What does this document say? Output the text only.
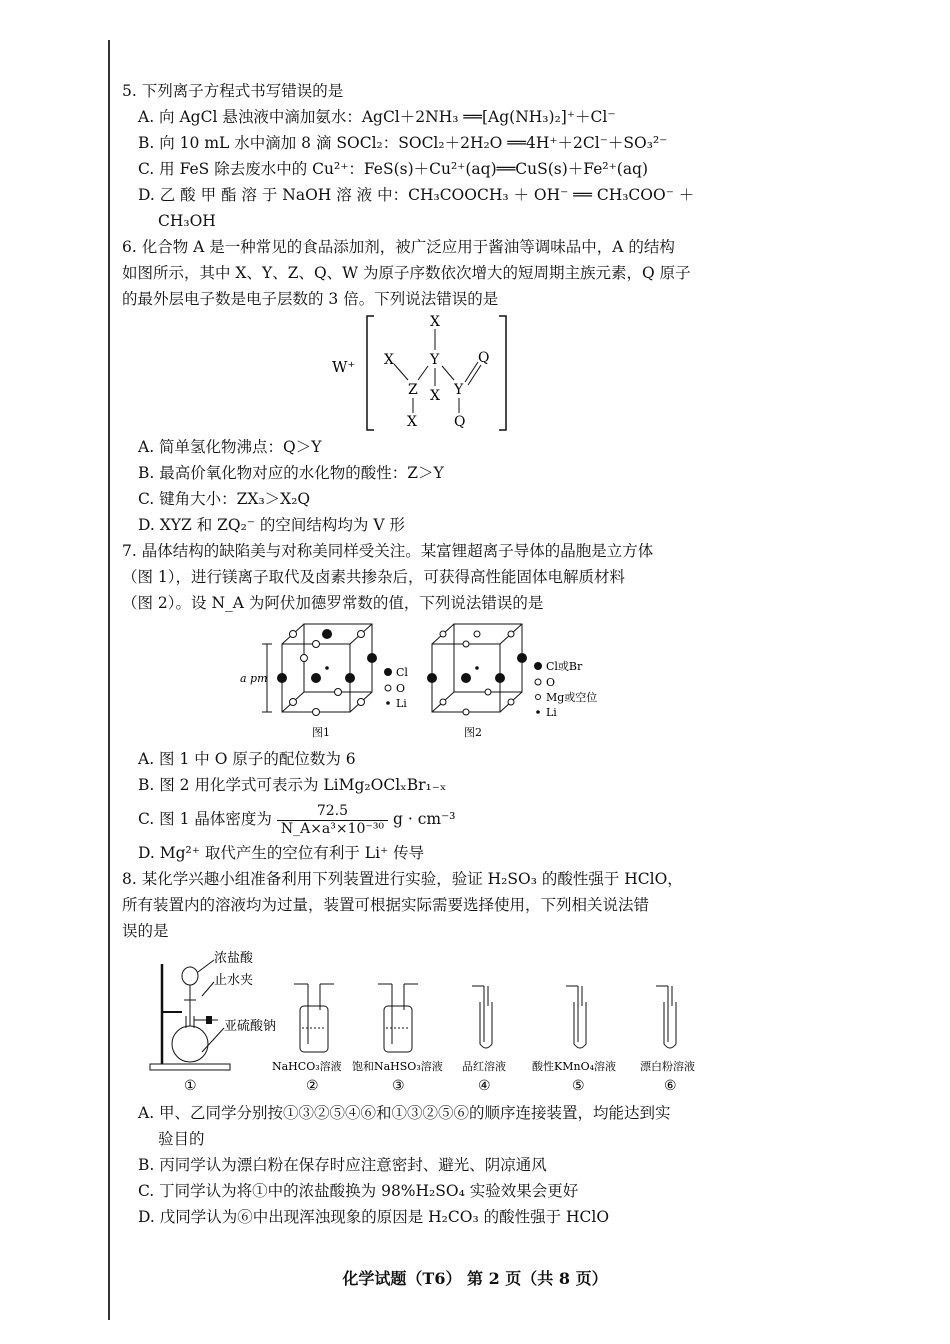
5. 下列离子方程式书写错误的是
A. 向 AgCl 悬浊液中滴加氨水：AgCl＋2NH₃ ══[Ag(NH₃)₂]⁺＋Cl⁻
B. 向 10 mL 水中滴加 8 滴 SOCl₂：SOCl₂＋2H₂O ══4H⁺＋2Cl⁻＋SO₃²⁻
C. 用 FeS 除去废水中的 Cu²⁺：FeS(s)＋Cu²⁺(aq)══CuS(s)＋Fe²⁺(aq)
D. 乙 酸 甲 酯 溶 于 NaOH 溶 液 中：CH₃COOCH₃ ＋ OH⁻ ══ CH₃COO⁻ ＋
CH₃OH
6. 化合物 A 是一种常见的食品添加剂，被广泛应用于酱油等调味品中，A 的结构
如图所示，其中 X、Y、Z、Q、W 为原子序数依次增大的短周期主族元素，Q 原子
的最外层电子数是电子层数的 3 倍。下列说法错误的是
W⁺
X
Y
X
Z X Y
Q
X	Q
A. 简单氢化物沸点：Q＞Y
B. 最高价氧化物对应的水化物的酸性：Z＞Y
C. 键角大小：ZX₃＞X₂Q
D. XYZ 和 ZQ₂⁻ 的空间结构均为 V 形
7. 晶体结构的缺陷美与对称美同样受关注。某富锂超离子导体的晶胞是立方体
（图 1），进行镁离子取代及卤素共掺杂后，可获得高性能固体电解质材料
（图 2）。设 N_A 为阿伏加德罗常数的值，下列说法错误的是
a pm	Cl
O
Li
图1
Cl或Br
O
Mg或空位
Li
图2
A. 图 1 中 O 原子的配位数为 6
B. 图 2 用化学式可表示为 LiMg₂OClₓBr₁₋ₓ
C. 图 1 晶体密度为 $\frac{72.5}{\text{N\_A×a³×10⁻³⁰}}$ g · cm⁻³
D. Mg²⁺ 取代产生的空位有利于 Li⁺ 传导
8. 某化学兴趣小组准备利用下列装置进行实验，验证 H₂SO₃ 的酸性强于 HClO，
所有装置内的溶液均为过量，装置可根据实际需要选择使用，下列相关说法错
误的是
浓盐酸
止水夹
亚硫酸钠
①
NaHCO₃溶液
②
饱和NaHSO₃溶液
③
品红溶液
④
酸性KMnO₄溶液
⑤
漂白粉溶液
⑥
A. 甲、乙同学分别按①③②⑤④⑥和①③②⑤⑥的顺序连接装置，均能达到实
验目的
B. 丙同学认为漂白粉在保存时应注意密封、避光、阴凉通风
C. 丁同学认为将①中的浓盐酸换为 98%H₂SO₄ 实验效果会更好
D. 戊同学认为⑥中出现浑浊现象的原因是 H₂CO₃ 的酸性强于 HClO
化学试题（T6） 第 2 页（共 8 页）
